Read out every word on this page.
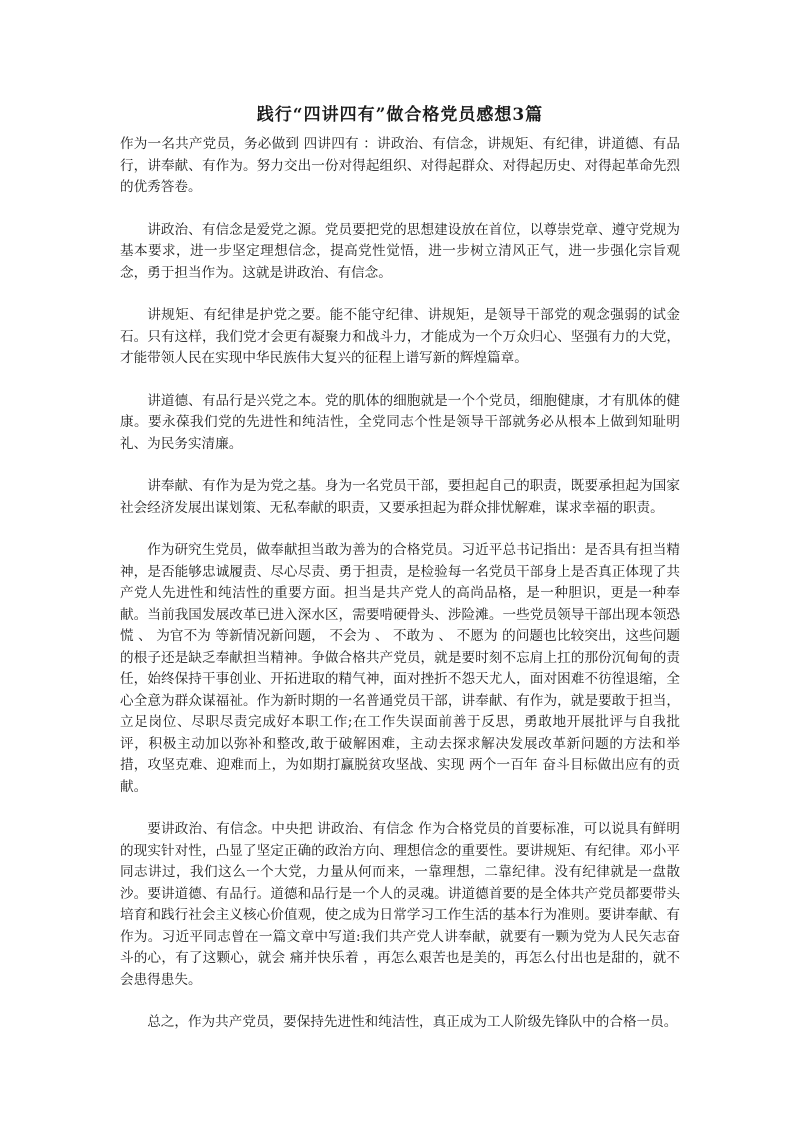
践行“四讲四有”做合格党员感想3篇

作为一名共产党员，务必做到 四讲四有 ：讲政治、有信念，讲规矩、有纪律，讲道德、有品行，讲奉献、有作为。努力交出一份对得起组织、对得起群众、对得起历史、对得起革命先烈的优秀答卷。

讲政治、有信念是爱党之源。党员要把党的思想建设放在首位，以尊崇党章、遵守党规为基本要求，进一步坚定理想信念，提高党性觉悟，进一步树立清风正气，进一步强化宗旨观念，勇于担当作为。这就是讲政治、有信念。

讲规矩、有纪律是护党之要。能不能守纪律、讲规矩，是领导干部党的观念强弱的试金石。只有这样，我们党才会更有凝聚力和战斗力，才能成为一个万众归心、坚强有力的大党，才能带领人民在实现中华民族伟大复兴的征程上谱写新的辉煌篇章。

讲道德、有品行是兴党之本。党的肌体的细胞就是一个个党员，细胞健康，才有肌体的健康。要永葆我们党的先进性和纯洁性，全党同志个性是领导干部就务必从根本上做到知耻明礼、为民务实清廉。

讲奉献、有作为是为党之基。身为一名党员干部，要担起自己的职责，既要承担起为国家社会经济发展出谋划策、无私奉献的职责，又要承担起为群众排忧解难，谋求幸福的职责。

作为研究生党员，做奉献担当敢为善为的合格党员。习近平总书记指出：是否具有担当精神，是否能够忠诚履责、尽心尽责、勇于担责，是检验每一名党员干部身上是否真正体现了共产党人先进性和纯洁性的重要方面。担当是共产党人的高尚品格，是一种胆识，更是一种奉献。当前我国发展改革已进入深水区，需要啃硬骨头、涉险滩。一些党员领导干部出现本领恐慌 、 为官不为 等新情况新问题， 不会为 、 不敢为 、 不愿为 的问题也比较突出，这些问题的根子还是缺乏奉献担当精神。争做合格共产党员，就是要时刻不忘肩上扛的那份沉甸甸的责任，始终保持干事创业、开拓进取的精气神，面对挫折不怨天尤人，面对困难不彷徨退缩，全心全意为群众谋福祉。作为新时期的一名普通党员干部，讲奉献、有作为，就是要敢于担当，立足岗位、尽职尽责完成好本职工作;在工作失误面前善于反思，勇敢地开展批评与自我批评，积极主动加以弥补和整改,敢于破解困难，主动去探求解决发展改革新问题的方法和举措，攻坚克难、迎难而上，为如期打赢脱贫攻坚战、实现 两个一百年 奋斗目标做出应有的贡献。

要讲政治、有信念。中央把 讲政治、有信念 作为合格党员的首要标准，可以说具有鲜明的现实针对性，凸显了坚定正确的政治方向、理想信念的重要性。要讲规矩、有纪律。邓小平同志讲过，我们这么一个大党，力量从何而来，一靠理想，二靠纪律。没有纪律就是一盘散沙。要讲道德、有品行。道德和品行是一个人的灵魂。讲道德首要的是全体共产党员都要带头培育和践行社会主义核心价值观，使之成为日常学习工作生活的基本行为准则。要讲奉献、有作为。习近平同志曾在一篇文章中写道:我们共产党人讲奉献，就要有一颗为党为人民矢志奋斗的心，有了这颗心，就会 痛并快乐着 ，再怎么艰苦也是美的，再怎么付出也是甜的，就不会患得患失。

总之，作为共产党员，要保持先进性和纯洁性，真正成为工人阶级先锋队中的合格一员。
